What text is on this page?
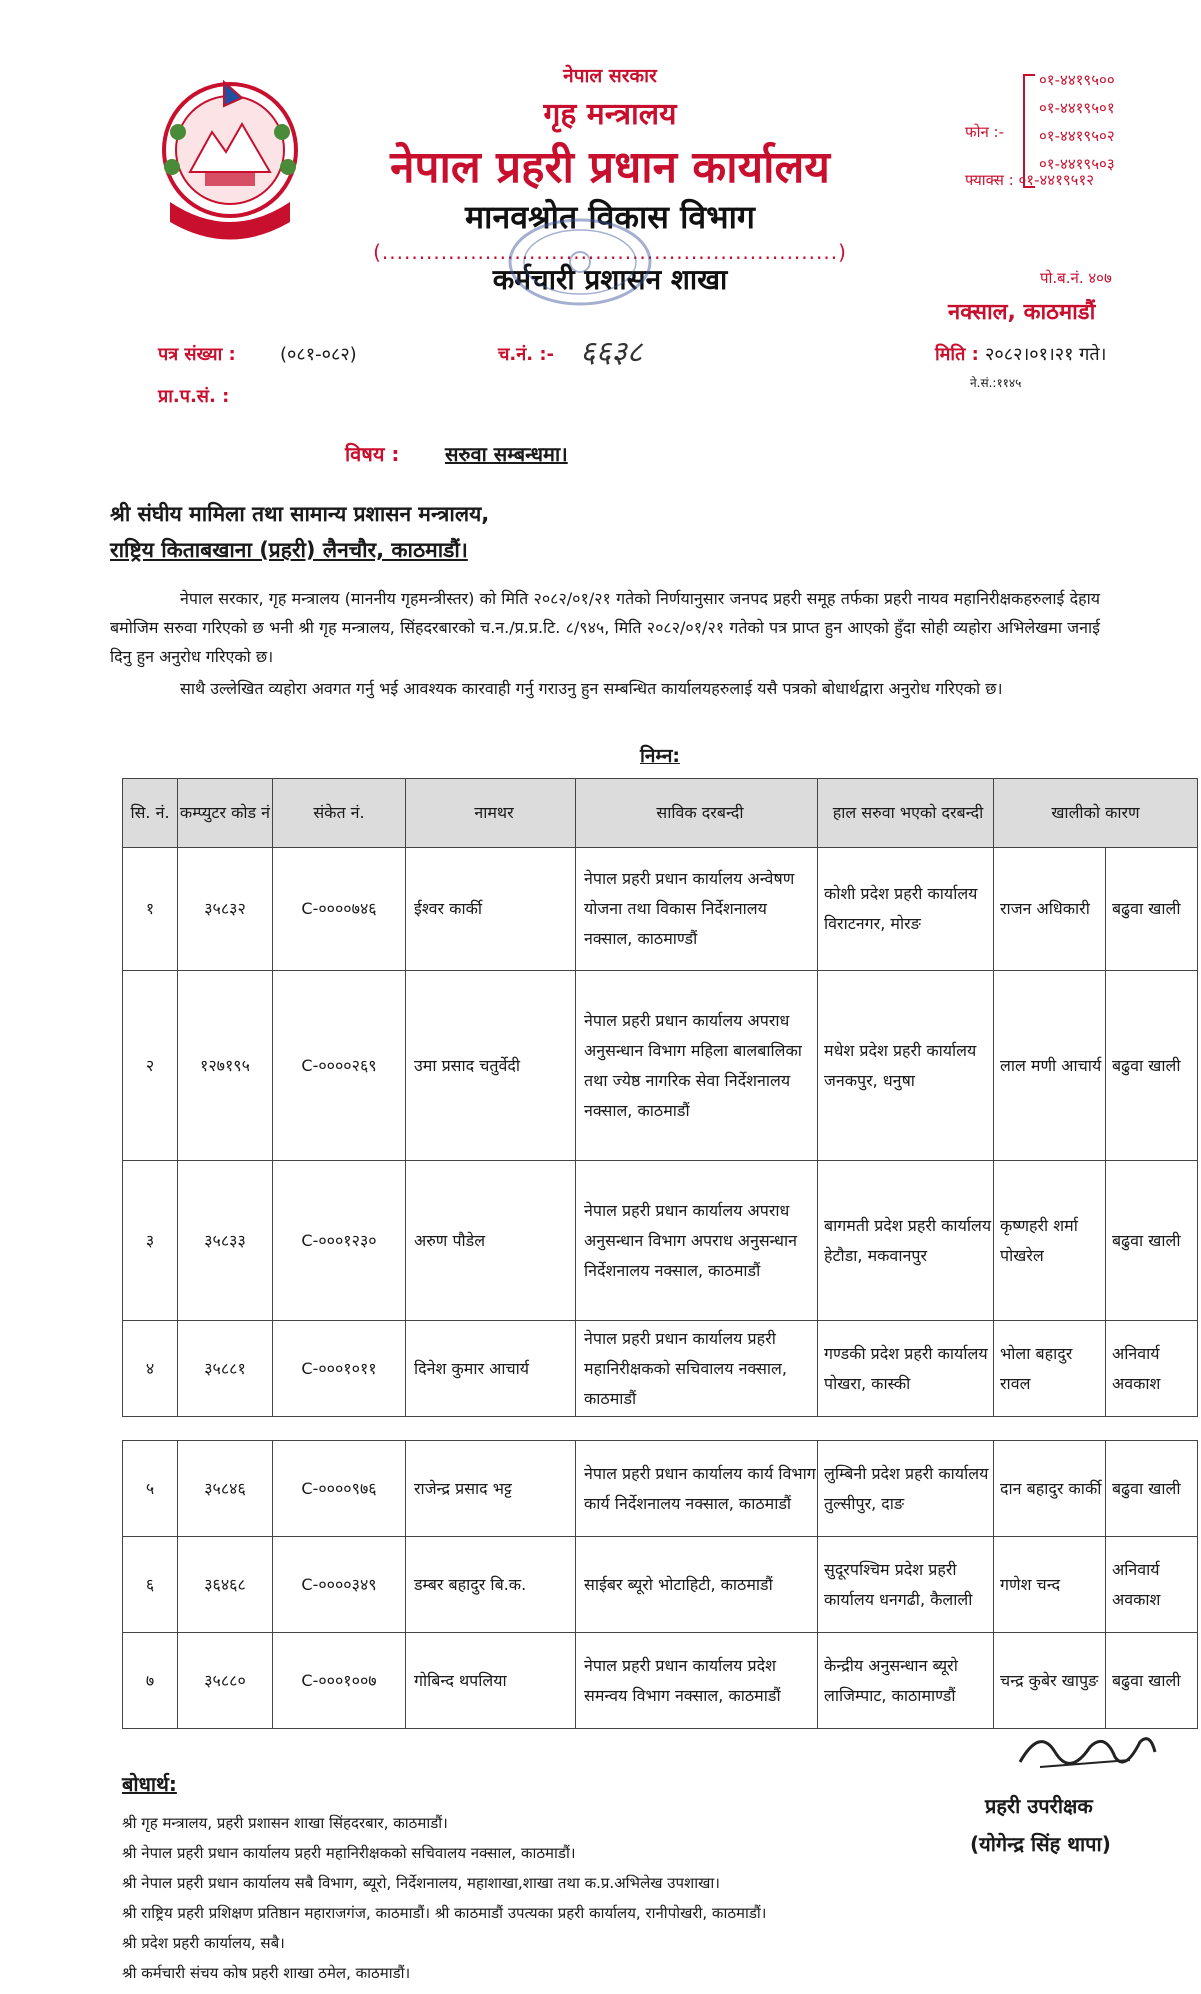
नेपाल सरकार
गृह मन्त्रालय
नेपाल प्रहरी प्रधान कार्यालय
मानवश्रोत विकास विभाग
(..............................................................)
कर्मचारी प्रशासन शाखा
फोन :-
०१-४४१९५००
०१-४४१९५०१
०१-४४१९५०२
०१-४४१९५०३
फ्याक्स : ०१-४४१९५१२
पो.ब.नं. ४०७
नक्साल, काठमाडौं
पत्र संख्या : (०८१-०८२)	च.नं. :- ६६३८	मिति : २०८२।०१।२१ गते।
ने.सं.:११४५
प्रा.प.सं. :
विषय : सरुवा सम्बन्धमा।
श्री संघीय मामिला तथा सामान्य प्रशासन मन्त्रालय,
राष्ट्रिय किताबखाना (प्रहरी) लैनचौर, काठमाडौं।
नेपाल सरकार, गृह मन्त्रालय (माननीय गृहमन्त्रीस्तर) को मिति २०८२/०१/२१ गतेको निर्णयानुसार जनपद प्रहरी समूह तर्फका प्रहरी नायव महानिरीक्षकहरुलाई देहाय बमोजिम सरुवा गरिएको छ भनी श्री गृह मन्त्रालय, सिंहदरबारको च.न./प्र.प्र.टि. ८/९४५, मिति २०८२/०१/२१ गतेको पत्र प्राप्त हुन आएको हुँदा सोही व्यहोरा अभिलेखमा जनाई दिनु हुन अनुरोध गरिएको छ।
साथै उल्लेखित व्यहोरा अवगत गर्नु भई आवश्यक कारवाही गर्नु गराउनु हुन सम्बन्धित कार्यालयहरुलाई यसै पत्रको बोधार्थद्वारा अनुरोध गरिएको छ।
निम्न:
सि. नं.	कम्प्युटर कोड नं	संकेत नं.	नामथर	साविक दरबन्दी	हाल सरुवा भएको दरबन्दी	खालीको कारण	
१	३५८३२	C-००००७४६	ईश्वर कार्की	नेपाल प्रहरी प्रधान कार्यालय अन्वेषण योजना तथा विकास निर्देशनालय नक्साल, काठमाण्डौं	कोशी प्रदेश प्रहरी कार्यालय विराटनगर, मोरङ	राजन अधिकारी	बढुवा खाली
२	१२७१९५	C-००००२६९	उमा प्रसाद चतुर्वेदी	नेपाल प्रहरी प्रधान कार्यालय अपराध अनुसन्धान विभाग महिला बालबालिका तथा ज्येष्ठ नागरिक सेवा निर्देशनालय नक्साल, काठमाडौं	मधेश प्रदेश प्रहरी कार्यालय जनकपुर, धनुषा	लाल मणी आचार्य	बढुवा खाली
३	३५८३३	C-०००१२३०	अरुण पौडेल	नेपाल प्रहरी प्रधान कार्यालय अपराध अनुसन्धान विभाग अपराध अनुसन्धान निर्देशनालय नक्साल, काठमाडौं	बागमती प्रदेश प्रहरी कार्यालय हेटौडा, मकवानपुर	कृष्णहरी शर्मा पोखरेल	बढुवा खाली
४	३५८८१	C-०००१०११	दिनेश कुमार आचार्य	नेपाल प्रहरी प्रधान कार्यालय प्रहरी महानिरीक्षकको सचिवालय नक्साल, काठमाडौं	गण्डकी प्रदेश प्रहरी कार्यालय पोखरा, कास्की	भोला बहादुर रावल	अनिवार्य अवकाश
५	३५८४६	C-००००९७६	राजेन्द्र प्रसाद भट्ट	नेपाल प्रहरी प्रधान कार्यालय कार्य विभाग कार्य निर्देशनालय नक्साल, काठमाडौं	लुम्बिनी प्रदेश प्रहरी कार्यालय तुल्सीपुर, दाङ	दान बहादुर कार्की	बढुवा खाली
६	३६४६८	C-००००३४९	डम्बर बहादुर बि.क.	साईबर ब्यूरो भोटाहिटी, काठमाडौं	सुदूरपश्चिम प्रदेश प्रहरी कार्यालय धनगढी, कैलाली	गणेश चन्द	अनिवार्य अवकाश
७	३५८८०	C-०००१००७	गोबिन्द थपलिया	नेपाल प्रहरी प्रधान कार्यालय प्रदेश समन्वय विभाग नक्साल, काठमाडौं	केन्द्रीय अनुसन्धान ब्यूरो लाजिम्पाट, काठामाण्डौं	चन्द्र कुबेर खापुङ	बढुवा खाली
प्रहरी उपरीक्षक
(योगेन्द्र सिंह थापा)
बोधार्थ:
श्री गृह मन्त्रालय, प्रहरी प्रशासन शाखा सिंहदरबार, काठमाडौं।
श्री नेपाल प्रहरी प्रधान कार्यालय प्रहरी महानिरीक्षकको सचिवालय नक्साल, काठमाडौं।
श्री नेपाल प्रहरी प्रधान कार्यालय सबै विभाग, ब्यूरो, निर्देशनालय, महाशाखा,शाखा तथा क.प्र.अभिलेख उपशाखा।
श्री राष्ट्रिय प्रहरी प्रशिक्षण प्रतिष्ठान महाराजगंज, काठमाडौं। श्री काठमाडौं उपत्यका प्रहरी कार्यालय, रानीपोखरी, काठमाडौं।
श्री प्रदेश प्रहरी कार्यालय, सबै।
श्री कर्मचारी संचय कोष प्रहरी शाखा ठमेल, काठमाडौं।
